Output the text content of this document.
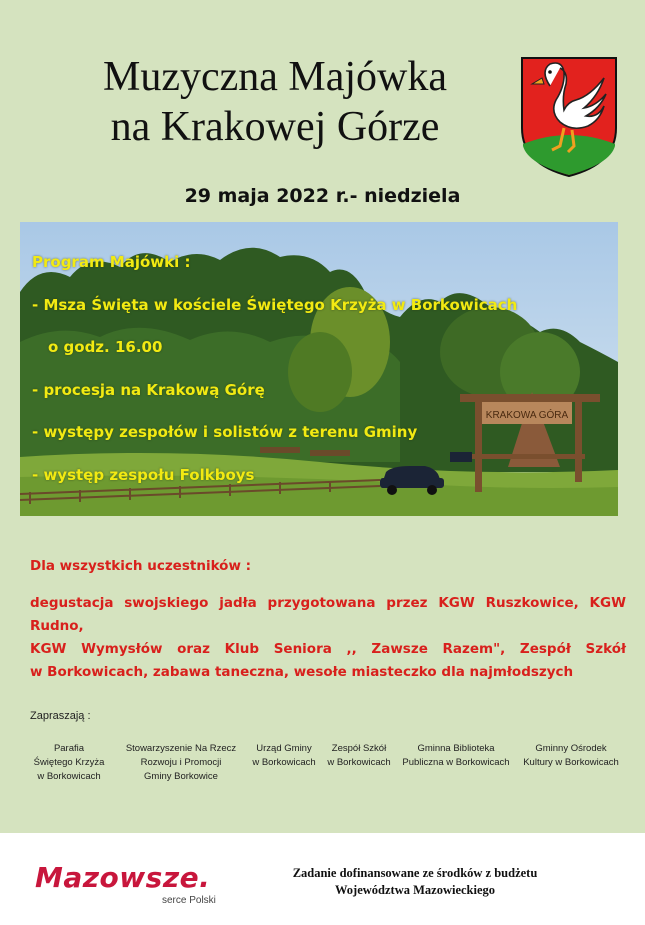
Muzyczna Majówka
na Krakowej Górze
29 maja 2022 r.- niedziela
KRAKOWA GÓRA
Program Majówki :
- Msza Święta w kościele Świętego Krzyża w Borkowicach
o godz. 16.00
- procesja na Krakową Górę
- występy zespołów i solistów z terenu Gminy
- występ zespołu Folkboys
Dla wszystkich uczestników :
degustacja swojskiego jadła przygotowana przez KGW Ruszkowice, KGW Rudno,
KGW Wymysłów oraz Klub Seniora ,, Zawsze Razem", Zespół Szkół
w Borkowicach, zabawa taneczna, wesołe miasteczko dla najmłodszych
Zapraszają :
Parafia
Świętego Krzyża
w Borkowicach
Stowarzyszenie Na Rzecz
Rozwoju i Promocji
Gminy Borkowice
Urząd Gminy
w Borkowicach
Zespół Szkół
w Borkowicach
Gminna Biblioteka
Publiczna w Borkowicach
Gminny Ośrodek
Kultury w Borkowicach
Mazowsze.
serce Polski
Zadanie dofinansowane ze środków z budżetu
Województwa Mazowieckiego
